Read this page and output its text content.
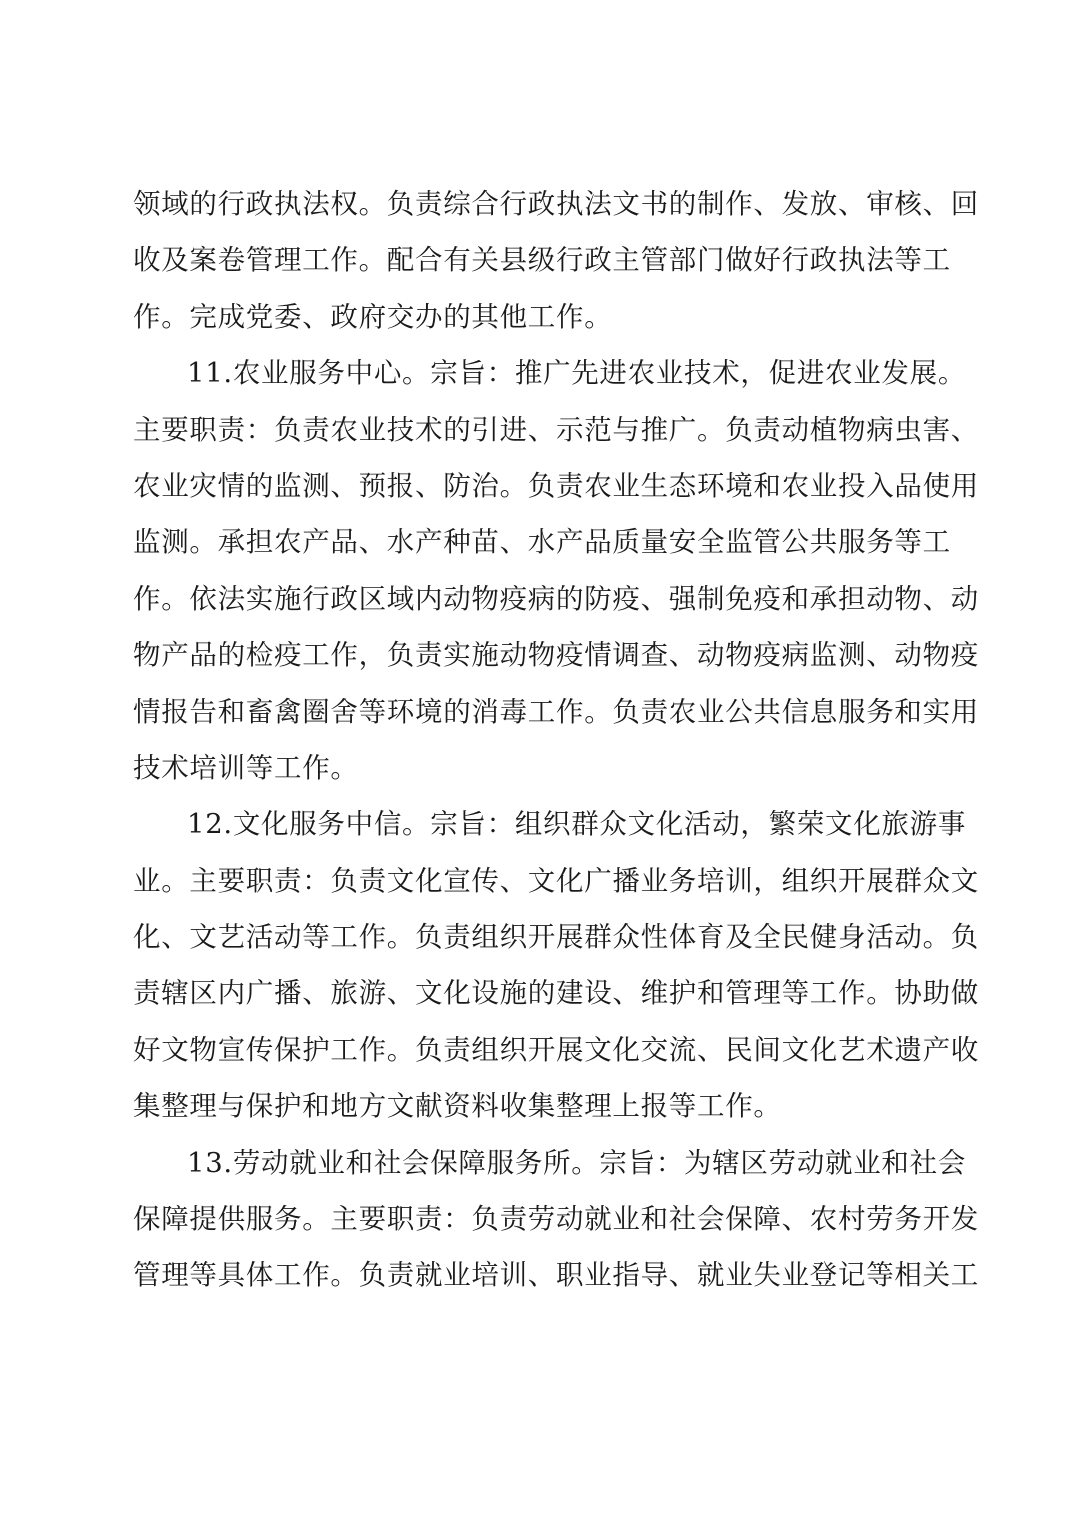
领域的行政执法权。负责综合行政执法文书的制作、发放、审核、回
收及案卷管理工作。配合有关县级行政主管部门做好行政执法等工
作。完成党委、政府交办的其他工作。
11.农业服务中心。宗旨：推广先进农业技术，促进农业发展。
主要职责：负责农业技术的引进、示范与推广。负责动植物病虫害、
农业灾情的监测、预报、防治。负责农业生态环境和农业投入品使用
监测。承担农产品、水产种苗、水产品质量安全监管公共服务等工
作。依法实施行政区域内动物疫病的防疫、强制免疫和承担动物、动
物产品的检疫工作，负责实施动物疫情调查、动物疫病监测、动物疫
情报告和畜禽圈舍等环境的消毒工作。负责农业公共信息服务和实用
技术培训等工作。
12.文化服务中信。宗旨：组织群众文化活动，繁荣文化旅游事
业。主要职责：负责文化宣传、文化广播业务培训，组织开展群众文
化、文艺活动等工作。负责组织开展群众性体育及全民健身活动。负
责辖区内广播、旅游、文化设施的建设、维护和管理等工作。协助做
好文物宣传保护工作。负责组织开展文化交流、民间文化艺术遗产收
集整理与保护和地方文献资料收集整理上报等工作。
13.劳动就业和社会保障服务所。宗旨：为辖区劳动就业和社会
保障提供服务。主要职责：负责劳动就业和社会保障、农村劳务开发
管理等具体工作。负责就业培训、职业指导、就业失业登记等相关工
